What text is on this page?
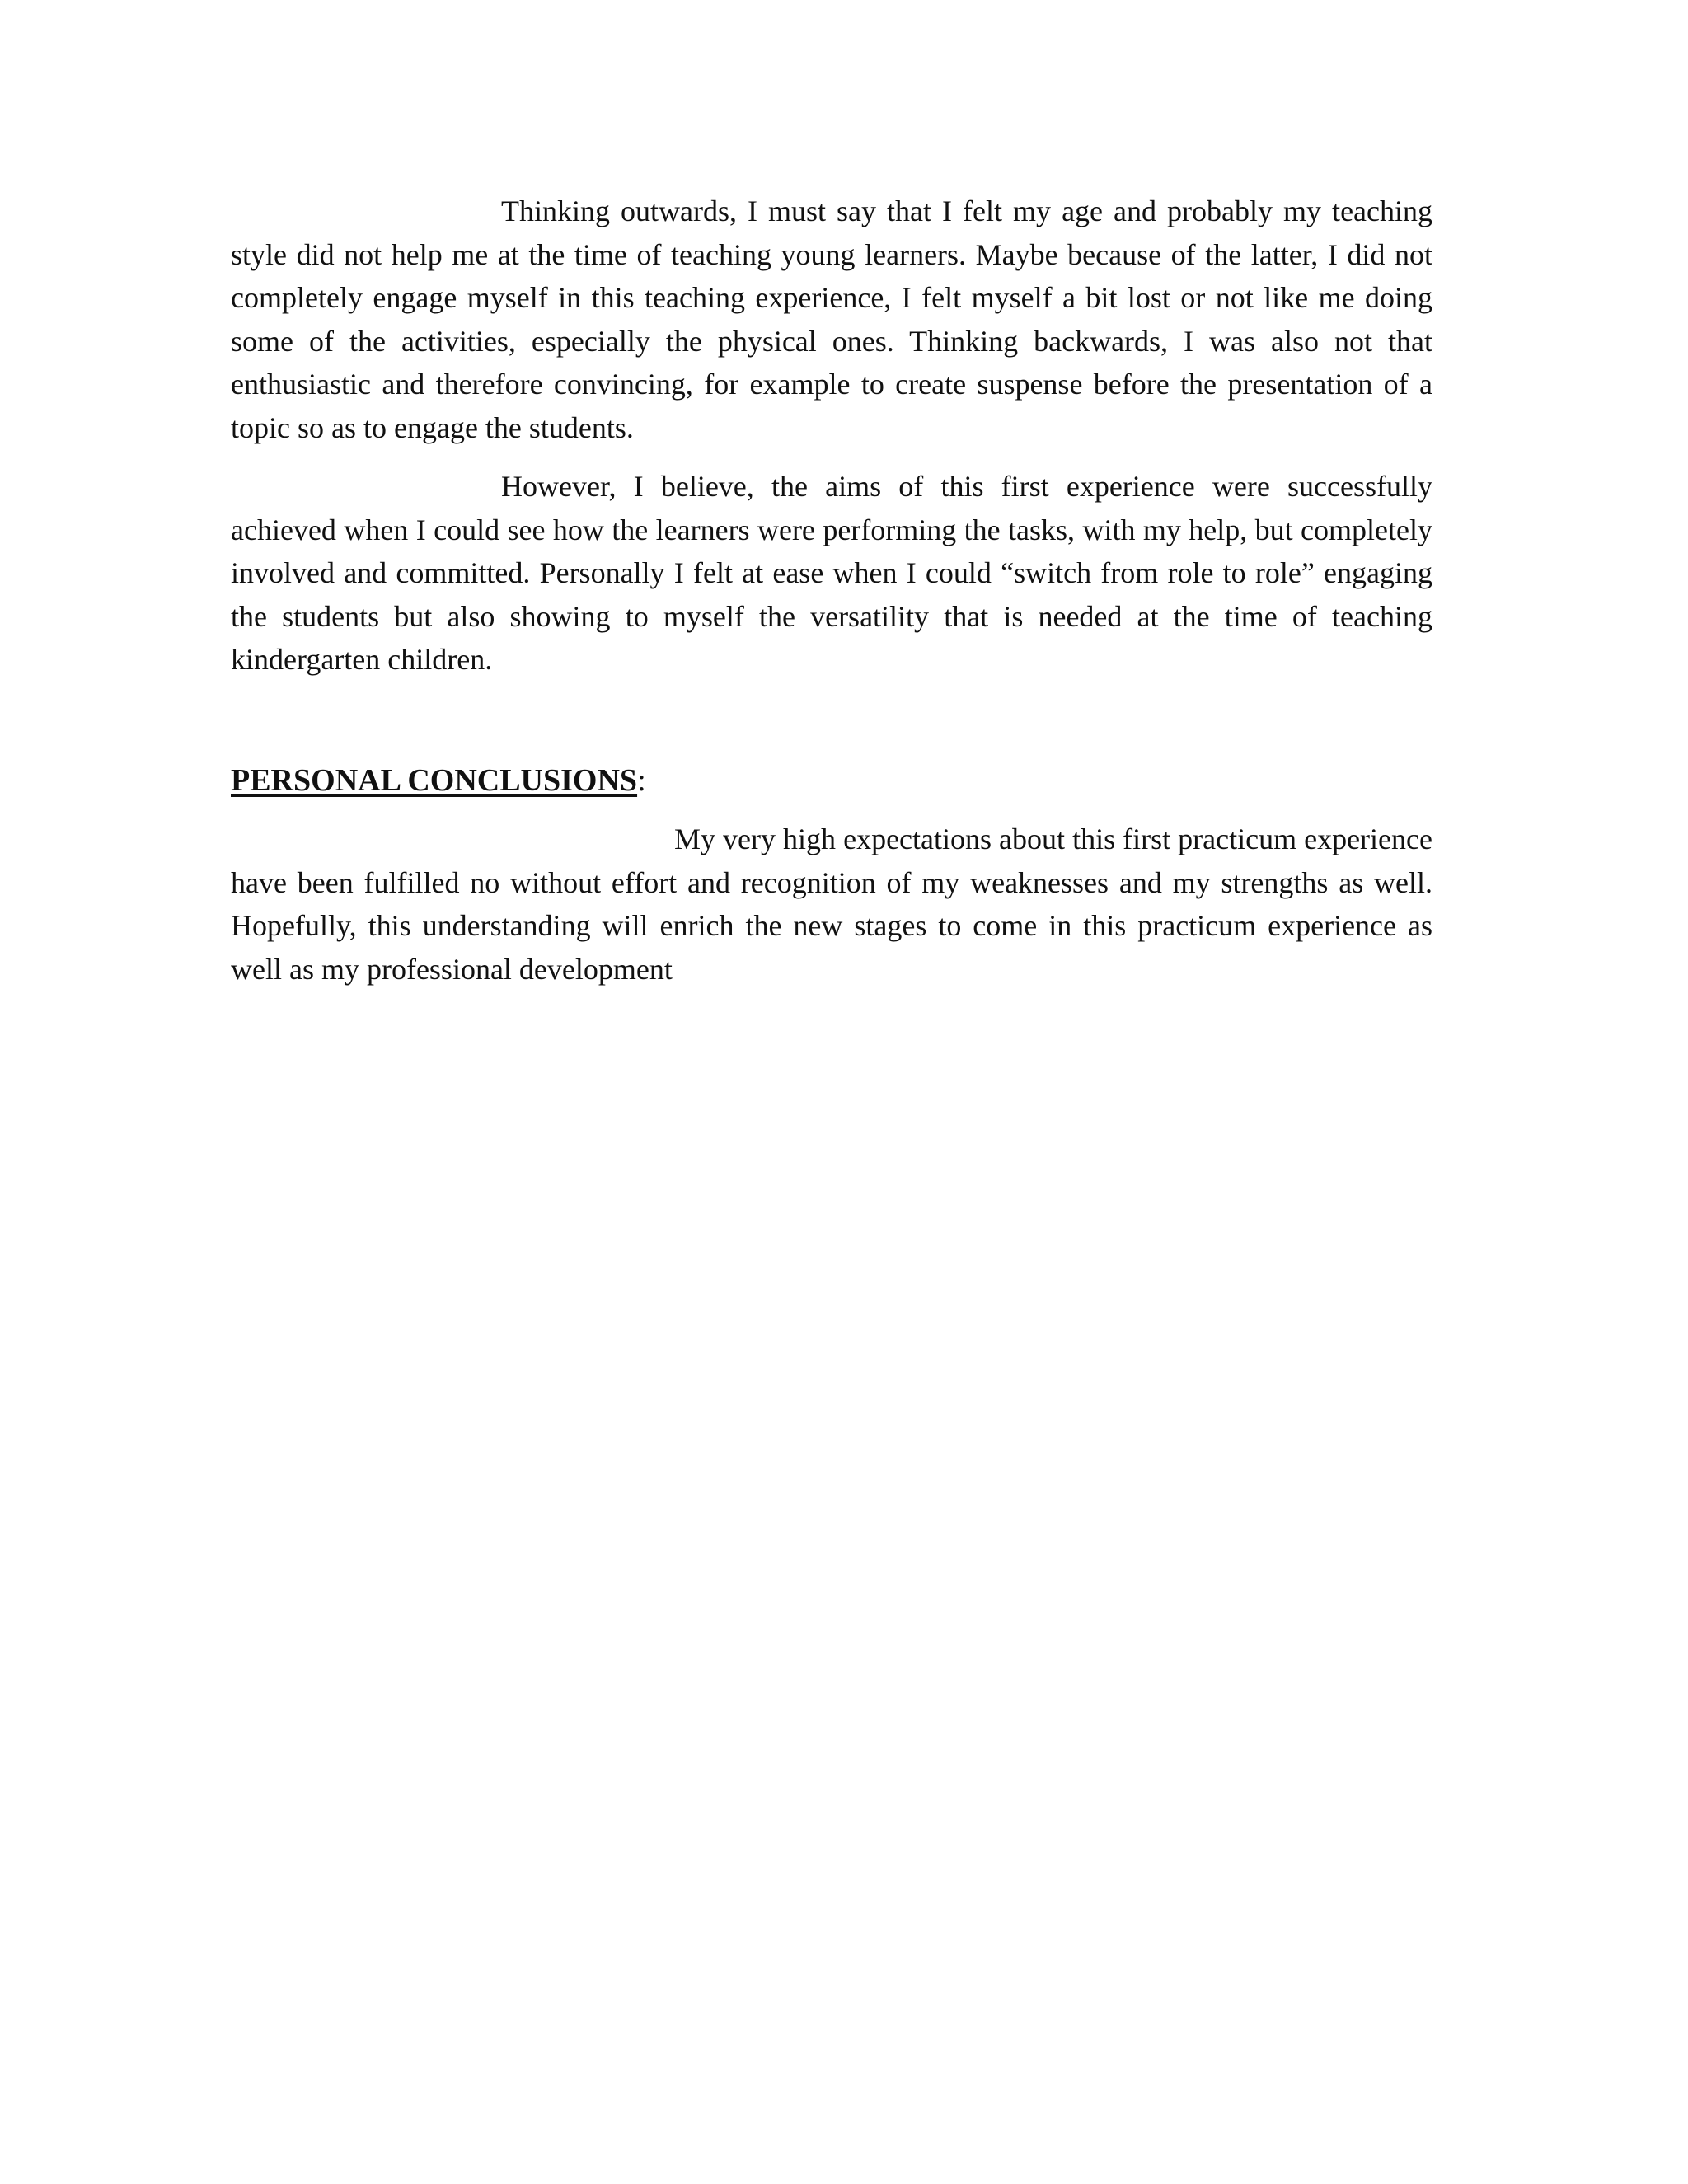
Thinking outwards, I must say that I felt my age and probably my teaching style did not help me at the time of teaching young learners. Maybe because of the latter, I did not completely engage myself in this teaching experience, I felt myself a bit lost or not like me doing some of the activities, especially the physical ones. Thinking backwards, I was also not that enthusiastic and therefore convincing, for example to create suspense before the presentation of a topic so as to engage the students.

However, I believe, the aims of this first experience were successfully achieved when I could see how the learners were performing the tasks, with my help, but completely involved and committed. Personally I felt at ease when I could “switch from role to role” engaging the students but also showing to myself the versatility that is needed at the time of teaching kindergarten children.

PERSONAL CONCLUSIONS:

My very high expectations about this first practicum experience have been fulfilled no without effort and recognition of my weaknesses and my strengths as well. Hopefully, this understanding will enrich the new stages to come in this practicum experience as well as my professional development
